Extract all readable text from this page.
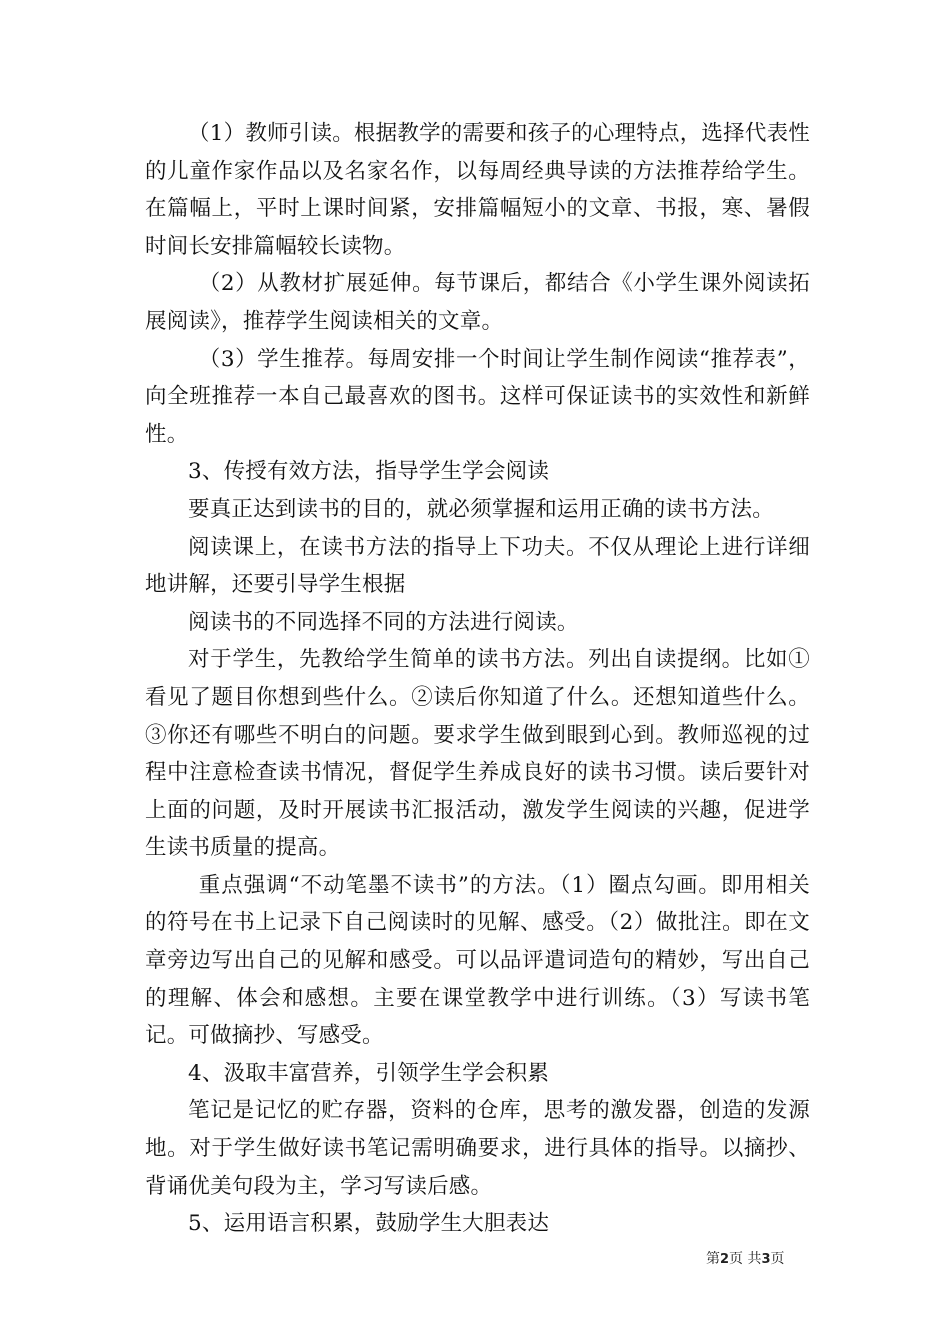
（1）教师引读。根据教学的需要和孩子的心理特点，选择代表性的儿童作家作品以及名家名作，以每周经典导读的方法推荐给学生。在篇幅上，平时上课时间紧，安排篇幅短小的文章、书报，寒、暑假时间长安排篇幅较长读物。

（2）从教材扩展延伸。每节课后，都结合《小学生课外阅读拓展阅读》，推荐学生阅读相关的文章。

（3）学生推荐。每周安排一个时间让学生制作阅读“推荐表”，向全班推荐一本自己最喜欢的图书。这样可保证读书的实效性和新鲜性。

3、传授有效方法，指导学生学会阅读

要真正达到读书的目的，就必须掌握和运用正确的读书方法。

阅读课上，在读书方法的指导上下功夫。不仅从理论上进行详细地讲解，还要引导学生根据

阅读书的不同选择不同的方法进行阅读。

对于学生，先教给学生简单的读书方法。列出自读提纲。比如①看见了题目你想到些什么。②读后你知道了什么。还想知道些什么。③你还有哪些不明白的问题。要求学生做到眼到心到。教师巡视的过程中注意检查读书情况，督促学生养成良好的读书习惯。读后要针对上面的问题，及时开展读书汇报活动，激发学生阅读的兴趣，促进学生读书质量的提高。

重点强调“不动笔墨不读书”的方法。（1）圈点勾画。即用相关的符号在书上记录下自己阅读时的见解、感受。（2）做批注。即在文章旁边写出自己的见解和感受。可以品评遣词造句的精妙，写出自己的理解、体会和感想。主要在课堂教学中进行训练。（3）写读书笔记。可做摘抄、写感受。

4、汲取丰富营养，引领学生学会积累

笔记是记忆的贮存器，资料的仓库，思考的激发器，创造的发源地。对于学生做好读书笔记需明确要求，进行具体的指导。以摘抄、背诵优美句段为主，学习写读后感。

5、运用语言积累，鼓励学生大胆表达

第2页 共3页
